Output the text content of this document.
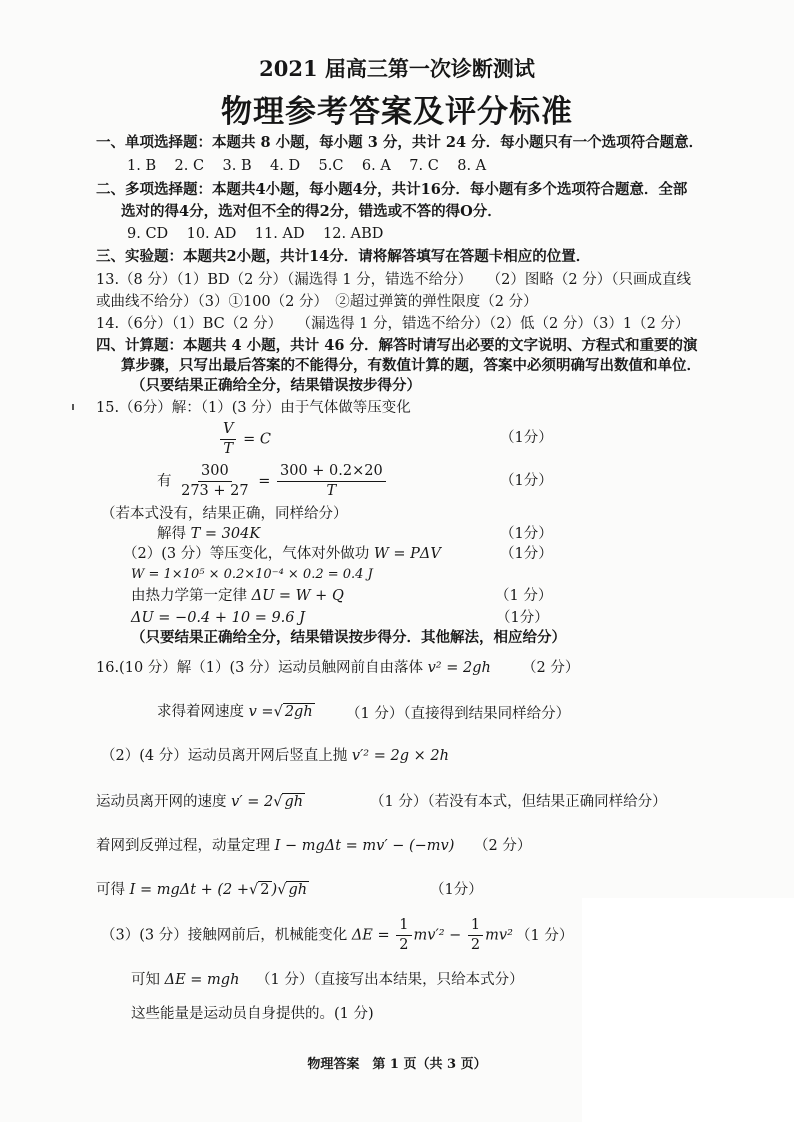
2021 届高三第一次诊断测试
物理参考答案及评分标准
一、单项选择题：本题共 8 小题，每小题 3 分，共计 24 分．每小题只有一个选项符合题意．
1. B    2. C    3. B    4. D    5.C    6. A    7. C    8. A
二、多项选择题：本题共4小题，每小题4分，共计16分．每小题有多个选项符合题意．全部
选对的得4分，选对但不全的得2分，错选或不答的得O分．
9. CD    10. AD    11. AD    12. ABD
三、实验题：本题共2小题，共计14分．请将解答填写在答题卡相应的位置．
13.（8 分）（1）BD（2 分）（漏选得 1 分，错选不给分）　　（2）图略（2 分）（只画成直线
或曲线不给分）（3）①100（2 分）　②超过弹簧的弹性限度（2 分）
14.（6分）（1）BC（2 分）　　（漏选得 1 分，错选不给分）（2）低（2 分）（3）1（2 分）
四、计算题：本题共 4 小题，共计 46 分．解答时请写出必要的文字说明、方程式和重要的演
算步骤，只写出最后答案的不能得分，有数值计算的题，答案中必须明确写出数值和单位．
（只要结果正确给全分，结果错误按步得分）
15.（6分）解：（1）(3 分）由于气体做等压变化
$\frac{V}{T} = C$	（1分）
有 $\frac{300}{273 + 27} = \frac{300 + 0.2\times 20}{T}$	（1分）
（若本式没有，结果正确，同样给分）
解得 T = 304K	（1分）
（2）(3 分）等压变化，气体对外做功 W = PΔV	（1分）
W = 1×10⁵ × 0.2×10⁻⁴ × 0.2 = 0.4 J
由热力学第一定律 ΔU = W + Q	（1 分）
ΔU = −0.4 + 10 = 9.6 J	（1分）
（只要结果正确给全分，结果错误按步得分．其他解法，相应给分）
16.(10 分）解（1）(3 分）运动员触网前自由落体 v² = 2gh （2 分）
求得着网速度 v =√ 2gh （1 分）（直接得到结果同样给分）
（2）(4 分）运动员离开网后竖直上抛 v′² = 2g × 2h
运动员离开网的速度 v′ = 2√ gh	（1 分）（若没有本式，但结果正确同样给分）
着网到反弹过程，动量定理 I − mgΔt = mv′ − (−mv) （2 分）
可得 I = mgΔt + (2 +√ 2 )√ gh	（1分）
（3）(3 分）接触网前后，机械能变化 $\Delta E = \frac{1}{2} mv'^2 - \frac{1}{2} mv^2$ （1 分）
可知 ΔE = mgh （1 分）（直接写出本结果，只给本式分）
这些能量是运动员自身提供的。(1 分)
物理答案　第 1 页（共 3 页）
